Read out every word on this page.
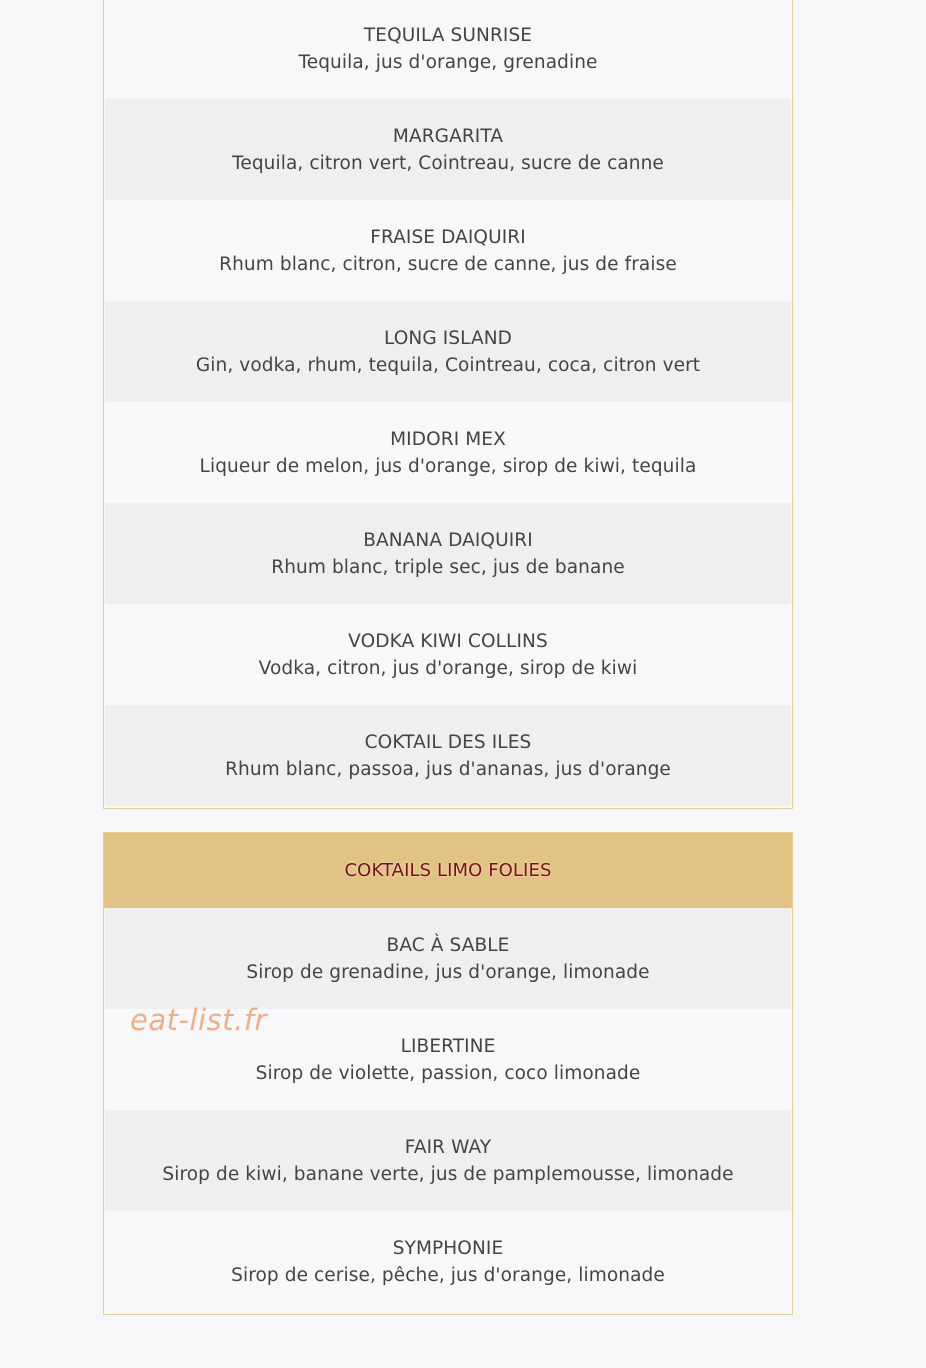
TEQUILA SUNRISE
Tequila, jus d'orange, grenadine
MARGARITA
Tequila, citron vert, Cointreau, sucre de canne
FRAISE DAIQUIRI
Rhum blanc, citron, sucre de canne, jus de fraise
LONG ISLAND
Gin, vodka, rhum, tequila, Cointreau, coca, citron vert
MIDORI MEX
Liqueur de melon, jus d'orange, sirop de kiwi, tequila
BANANA DAIQUIRI
Rhum blanc, triple sec, jus de banane
VODKA KIWI COLLINS
Vodka, citron, jus d'orange, sirop de kiwi
COKTAIL DES ILES
Rhum blanc, passoa, jus d'ananas, jus d'orange
COKTAILS LIMO FOLIES
BAC À SABLE
Sirop de grenadine, jus d'orange, limonade
LIBERTINE
Sirop de violette, passion, coco limonade
FAIR WAY
Sirop de kiwi, banane verte, jus de pamplemousse, limonade
SYMPHONIE
Sirop de cerise, pêche, jus d'orange, limonade
eat-list.fr
